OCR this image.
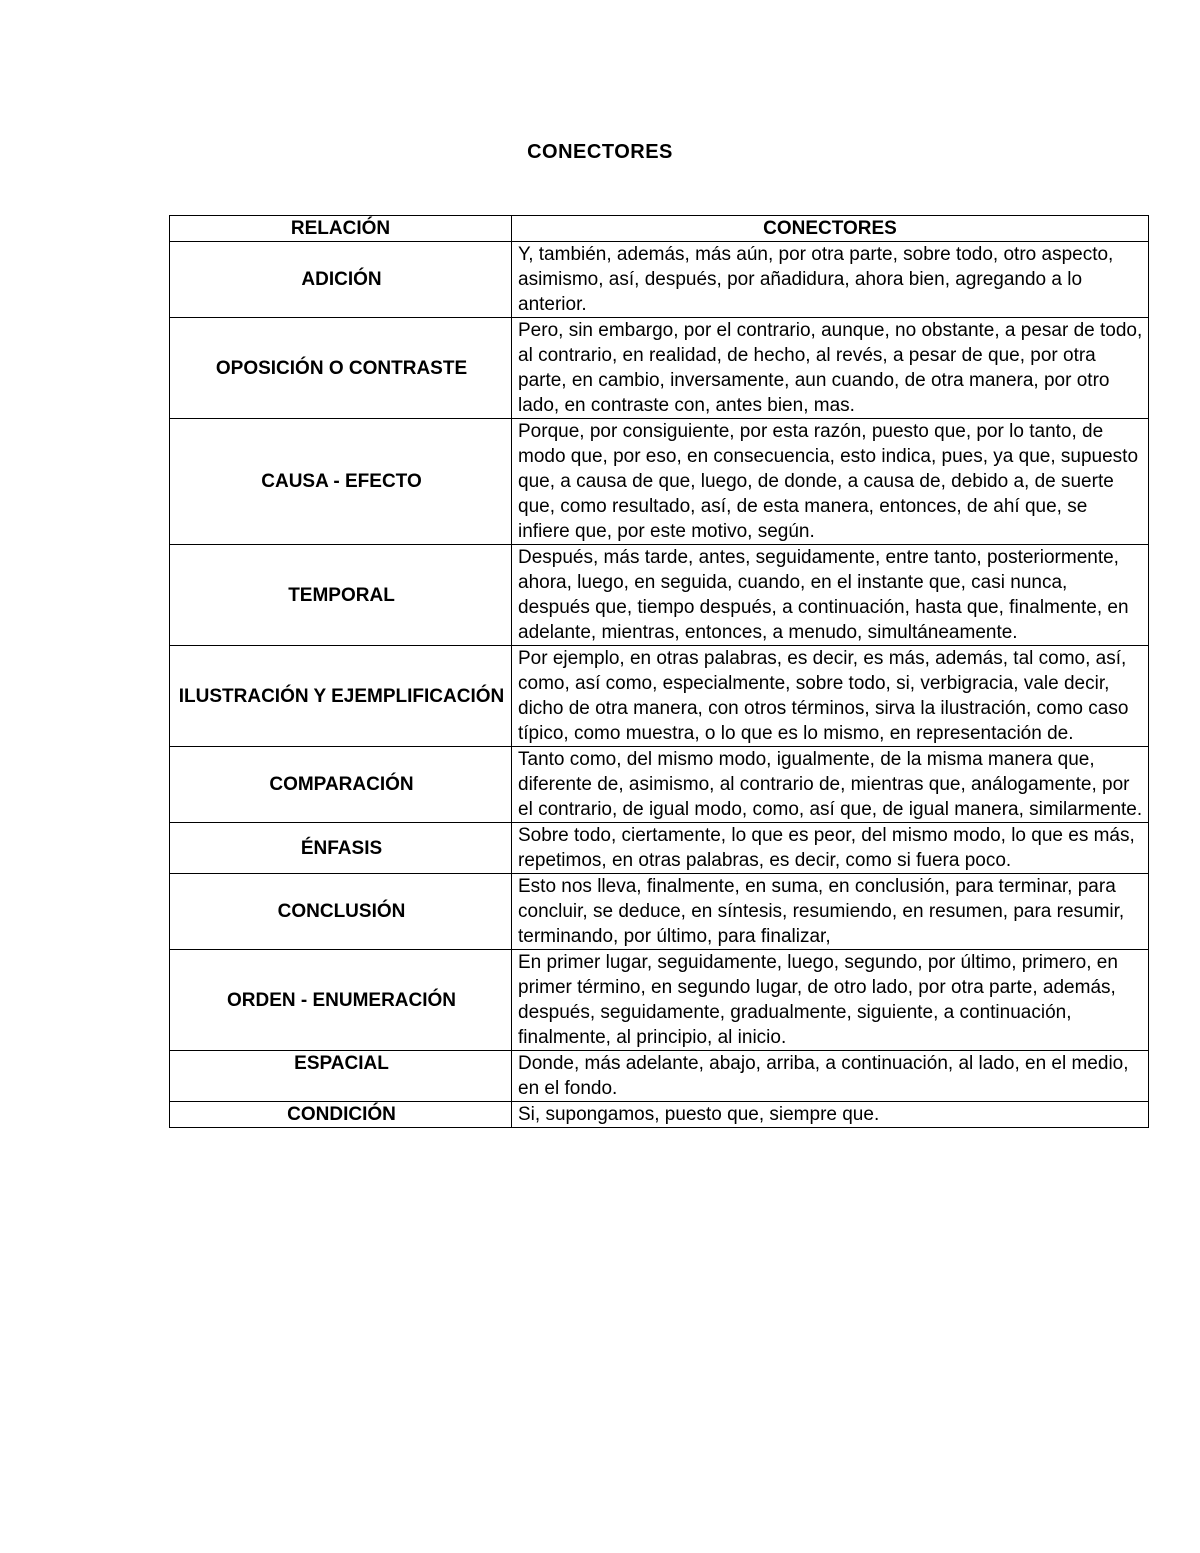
CONECTORES
RELACIÓN	CONECTORES
ADICIÓN	Y, también, además, más aún, por otra parte, sobre todo, otro aspecto, asimismo, así, después, por añadidura, ahora bien, agregando a lo anterior.
OPOSICIÓN O CONTRASTE	Pero, sin embargo, por el contrario, aunque, no obstante, a pesar de todo, al contrario, en realidad, de hecho, al revés, a pesar de que, por otra parte, en cambio, inversamente, aun cuando, de otra manera, por otro lado, en contraste con, antes bien, mas.
CAUSA - EFECTO	Porque, por consiguiente, por esta razón, puesto que, por lo tanto, de modo que, por eso, en consecuencia, esto indica, pues, ya que, supuesto que, a causa de que, luego, de donde, a causa de, debido a, de suerte que, como resultado, así, de esta manera, entonces, de ahí que, se infiere que, por este motivo, según.
TEMPORAL	Después, más tarde, antes, seguidamente, entre tanto, posteriormente, ahora, luego, en seguida, cuando, en el instante que, casi nunca, después que, tiempo después, a continuación, hasta que, finalmente, en adelante, mientras, entonces, a menudo, simultáneamente.
ILUSTRACIÓN Y EJEMPLIFICACIÓN	Por ejemplo, en otras palabras, es decir, es más, además, tal como, así, como, así como, especialmente, sobre todo, si, verbigracia, vale decir, dicho de otra manera, con otros términos, sirva la ilustración, como caso típico, como muestra, o lo que es lo mismo, en representación de.
COMPARACIÓN	Tanto como, del mismo modo, igualmente, de la misma manera que, diferente de, asimismo, al contrario de, mientras que, análogamente, por el contrario, de igual modo, como, así que, de igual manera, similarmente.
ÉNFASIS	Sobre todo, ciertamente, lo que es peor, del mismo modo, lo que es más, repetimos, en otras palabras, es decir, como si fuera poco.
CONCLUSIÓN	Esto nos lleva, finalmente, en suma, en conclusión, para terminar, para concluir, se deduce, en síntesis, resumiendo, en resumen, para resumir, terminando, por último, para finalizar,
ORDEN - ENUMERACIÓN	En primer lugar, seguidamente, luego, segundo, por último, primero, en primer término, en segundo lugar, de otro lado, por otra parte, además, después, seguidamente, gradualmente, siguiente, a continuación, finalmente, al principio, al inicio.
ESPACIAL	Donde, más adelante, abajo, arriba, a continuación, al lado, en el medio, en el fondo.
CONDICIÓN	Si, supongamos, puesto que, siempre que.
